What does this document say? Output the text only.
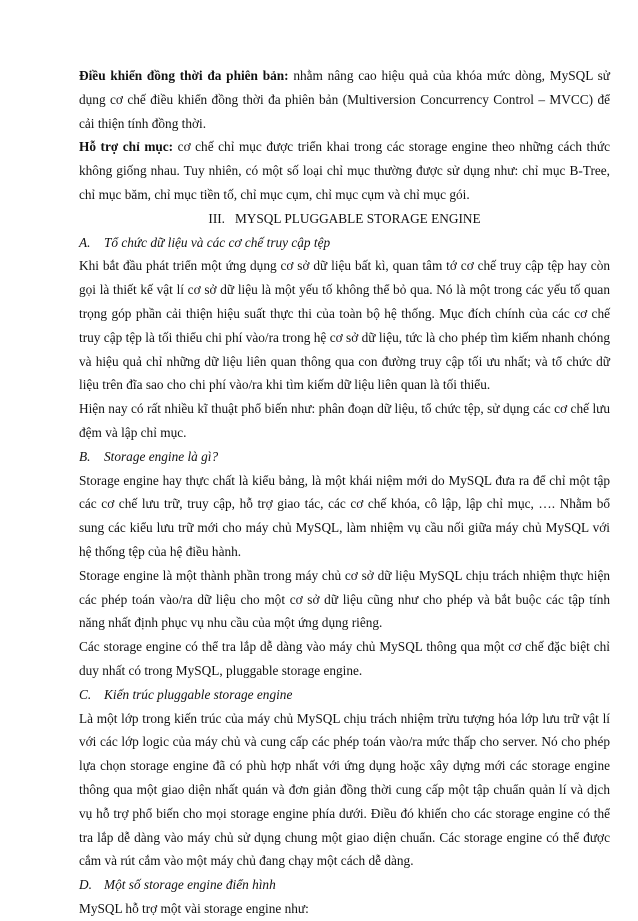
Điều khiển đồng thời đa phiên bản: nhằm nâng cao hiệu quả của khóa mức dòng, MySQL sử dụng cơ chế điều khiển đồng thời đa phiên bản (Multiversion Concurrency Control – MVCC) để cải thiện tính đồng thời.

Hỗ trợ chỉ mục: cơ chế chỉ mục được triển khai trong các storage engine theo những cách thức không giống nhau. Tuy nhiên, có một số loại chỉ mục thường được sử dụng như: chỉ mục B-Tree, chỉ mục băm, chỉ mục tiền tố, chỉ mục cụm, chỉ mục cụm và chỉ mục gói.

III.   MYSQL PLUGGABLE STORAGE ENGINE

A. Tổ chức dữ liệu và các cơ chế truy cập tệp

Khi bắt đầu phát triển một ứng dụng cơ sở dữ liệu bất kì, quan tâm tớ cơ chế truy cập tệp hay còn gọi là thiết kế vật lí cơ sở dữ liệu là một yếu tố không thể bỏ qua. Nó là một trong các yếu tố quan trọng góp phần cải thiện hiệu suất thực thi của toàn bộ hệ thống. Mục đích chính của các cơ chế truy cập tệp là tối thiểu chi phí vào/ra trong hệ cơ sở dữ liệu, tức là cho phép tìm kiếm nhanh chóng và hiệu quả chỉ những dữ liệu liên quan thông qua con đường truy cập tối ưu nhất; và tổ chức dữ liệu trên đĩa sao cho chi phí vào/ra khi tìm kiếm dữ liệu liên quan là tối thiểu.

Hiện nay có rất nhiều kĩ thuật phổ biến như: phân đoạn dữ liệu, tổ chức tệp, sử dụng các cơ chế lưu đệm và lập chỉ mục.

B. Storage engine là gì?

Storage engine hay thực chất là kiểu bảng, là một khái niệm mới do MySQL đưa ra để chỉ một tập các cơ chế lưu trữ, truy cập, hỗ trợ giao tác, các cơ chế khóa, cô lập, lập chỉ mục, …. Nhằm bổ sung các kiểu lưu trữ mới cho máy chủ MySQL, làm nhiệm vụ cầu nối giữa máy chủ MySQL với hệ thống tệp của hệ điều hành.

Storage engine là một thành phần trong máy chủ cơ sở dữ liệu MySQL chịu trách nhiệm thực hiện các phép toán vào/ra dữ liệu cho một cơ sở dữ liệu cũng như cho phép và bắt buộc các tập tính năng nhất định phục vụ nhu cầu của một ứng dụng riêng.

Các storage engine có thể tra lắp dễ dàng vào máy chủ MySQL thông qua một cơ chế đặc biệt chỉ duy nhất có trong MySQL, pluggable storage engine.

C. Kiến trúc pluggable storage engine

Là một lớp trong kiến trúc của máy chủ MySQL chịu trách nhiệm trừu tượng hóa lớp lưu trữ vật lí với các lớp logic của máy chủ và cung cấp các phép toán vào/ra mức thấp cho server. Nó cho phép lựa chọn storage engine đã có phù hợp nhất với ứng dụng hoặc xây dựng mới các storage engine thông qua một giao diện nhất quán và đơn giản đồng thời cung cấp một tập chuẩn quản lí và dịch vụ hỗ trợ phổ biến cho mọi storage engine phía dưới. Điều đó khiến cho các storage engine có thể tra lắp dễ dàng vào máy chủ sử dụng chung một giao diện chuẩn. Các storage engine có thể được cắm và rút cắm vào một máy chủ đang chạy một cách dễ dàng.

D. Một số storage engine điển hình

MySQL hỗ trợ một vài storage engine như:
